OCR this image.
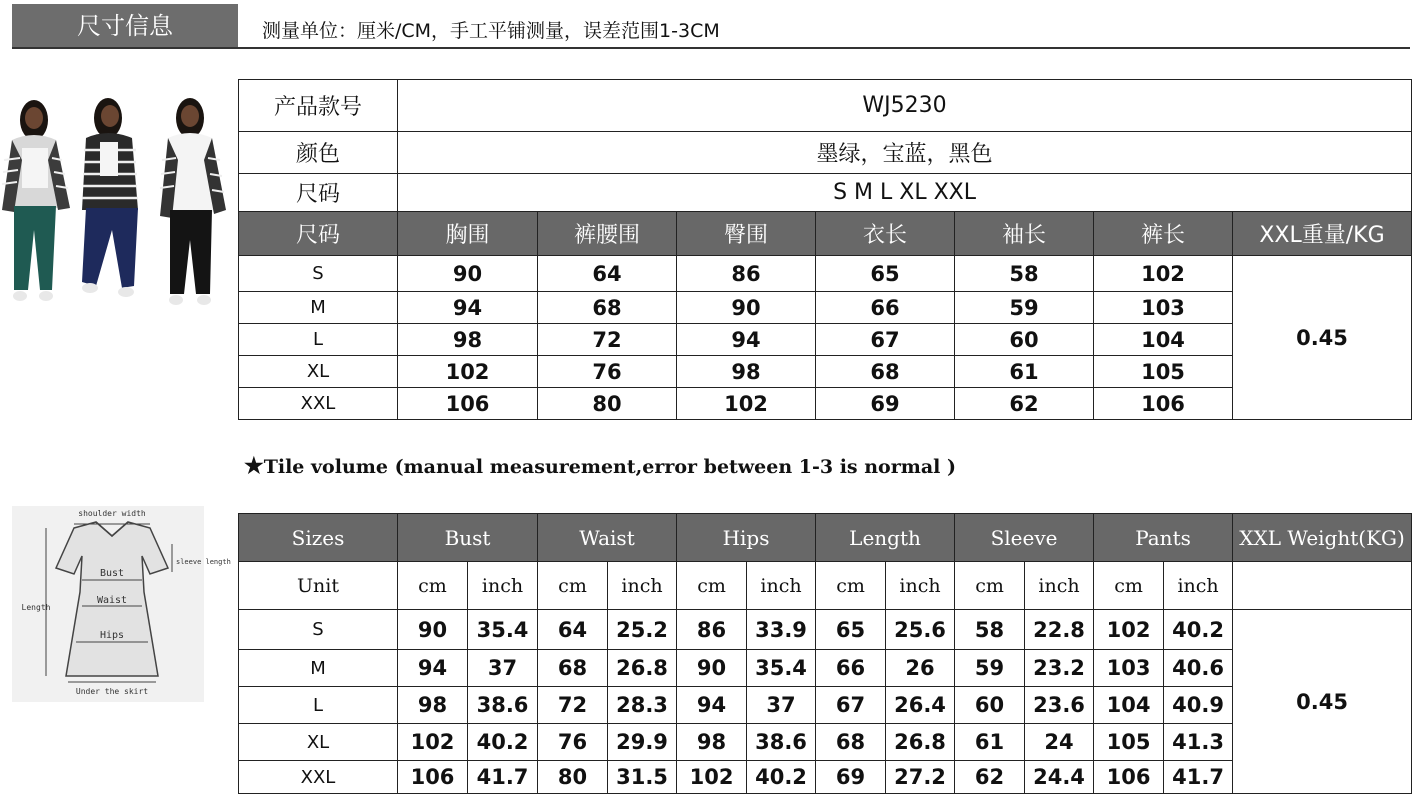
尺寸信息	测量单位：厘米/CM，手工平铺测量，误差范围1-3CM
产品款号	WJ5230						
颜色	墨绿，宝蓝，黑色						
尺码	S M L XL XXL						
尺码	胸围	裤腰围	臀围	衣长	袖长	裤长	XXL重量/KG
S	90	64	86	65	58	102	0.45
M	94	68	90	66	59	103	
L	98	72	94	67	60	104	
XL	102	76	98	68	61	105	
XXL	106	80	102	69	62	106	
★Tile volume (manual measurement,error between 1-3 is normal )
shoulder width
sleeve length
Bust
Waist
Hips
Length
Under the skirt
Sizes	Bust		Waist		Hips		Length		Sleeve		Pants		XXL Weight(KG)
Unit	cm	inch	cm	inch	cm	inch	cm	inch	cm	inch	cm	inch	
S	90	35.4	64	25.2	86	33.9	65	25.6	58	22.8	102	40.2	0.45
M	94	37	68	26.8	90	35.4	66	26	59	23.2	103	40.6	
L	98	38.6	72	28.3	94	37	67	26.4	60	23.6	104	40.9	
XL	102	40.2	76	29.9	98	38.6	68	26.8	61	24	105	41.3	
XXL	106	41.7	80	31.5	102	40.2	69	27.2	62	24.4	106	41.7	
